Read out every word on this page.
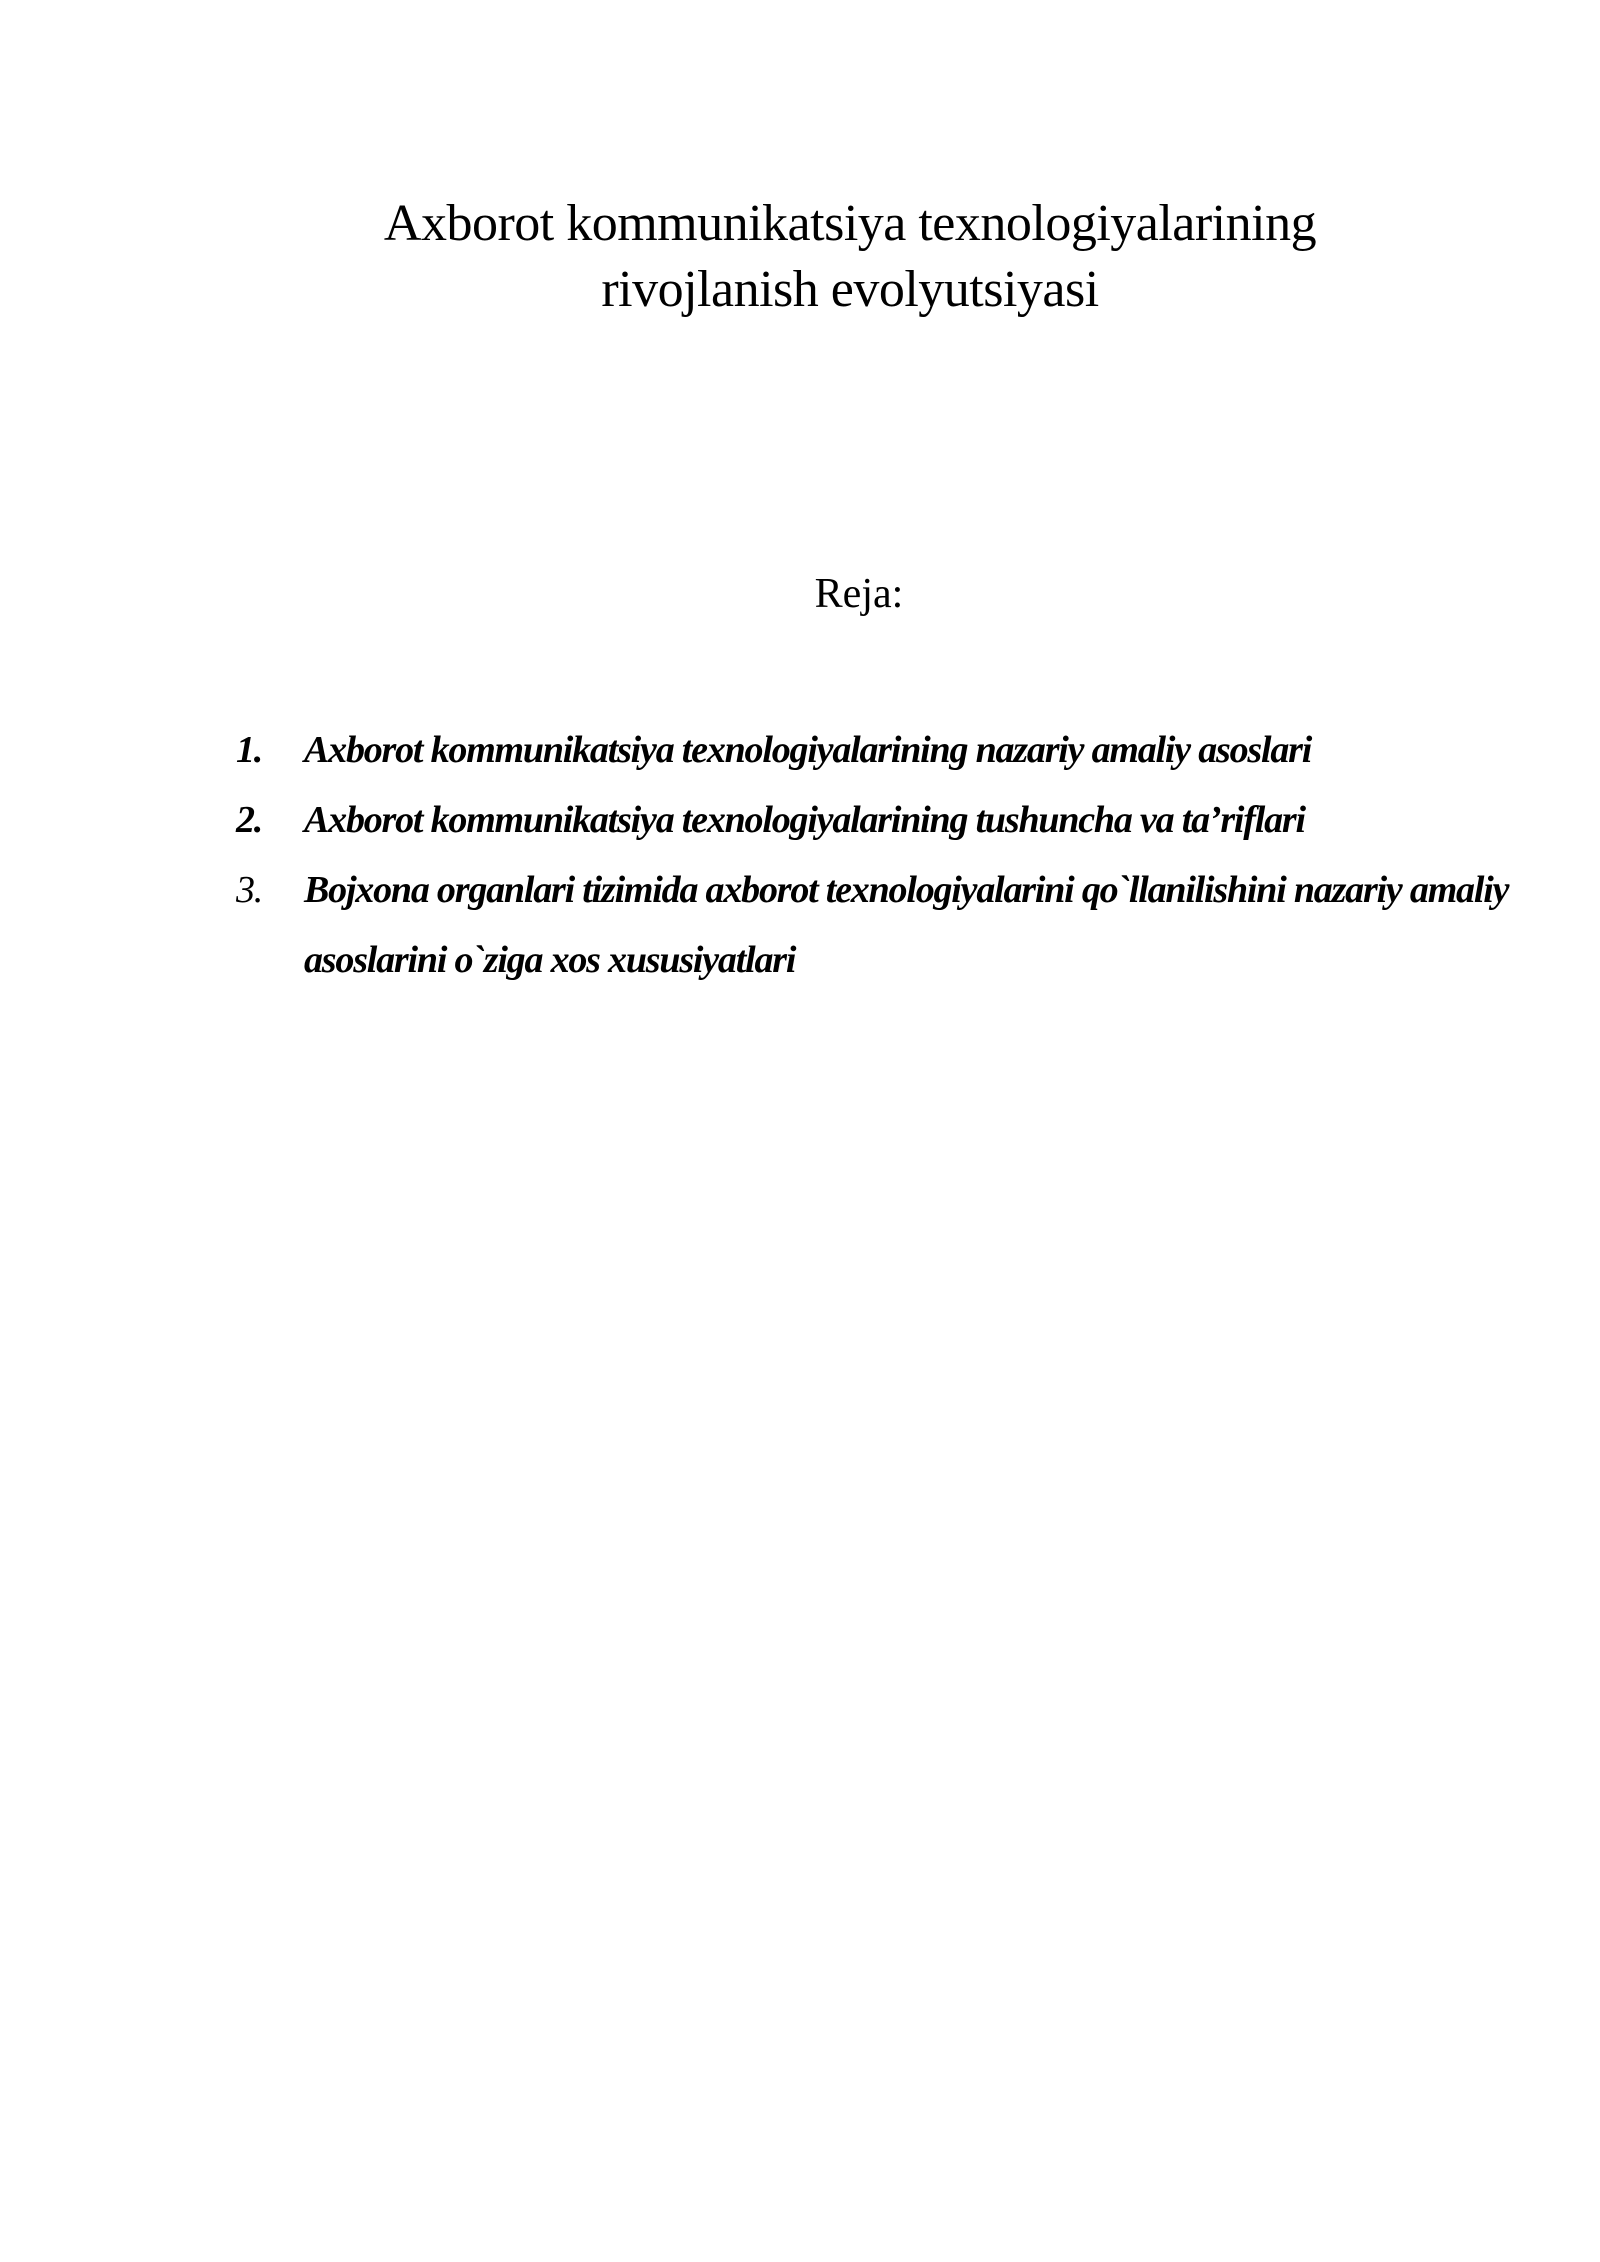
Axborot kommunikatsiya texnologiyalarining
rivojlanish evolyutsiyasi
Reja:
1. Axborot kommunikatsiya texnologiyalarining nazariy amaliy asoslari
2. Axborot kommunikatsiya texnologiyalarining tushuncha va ta’riflari
3. Bojxona organlari tizimida axborot texnologiyalarini qo`llanilishini nazariy amaliy asoslarini o`ziga xos xususiyatlari
